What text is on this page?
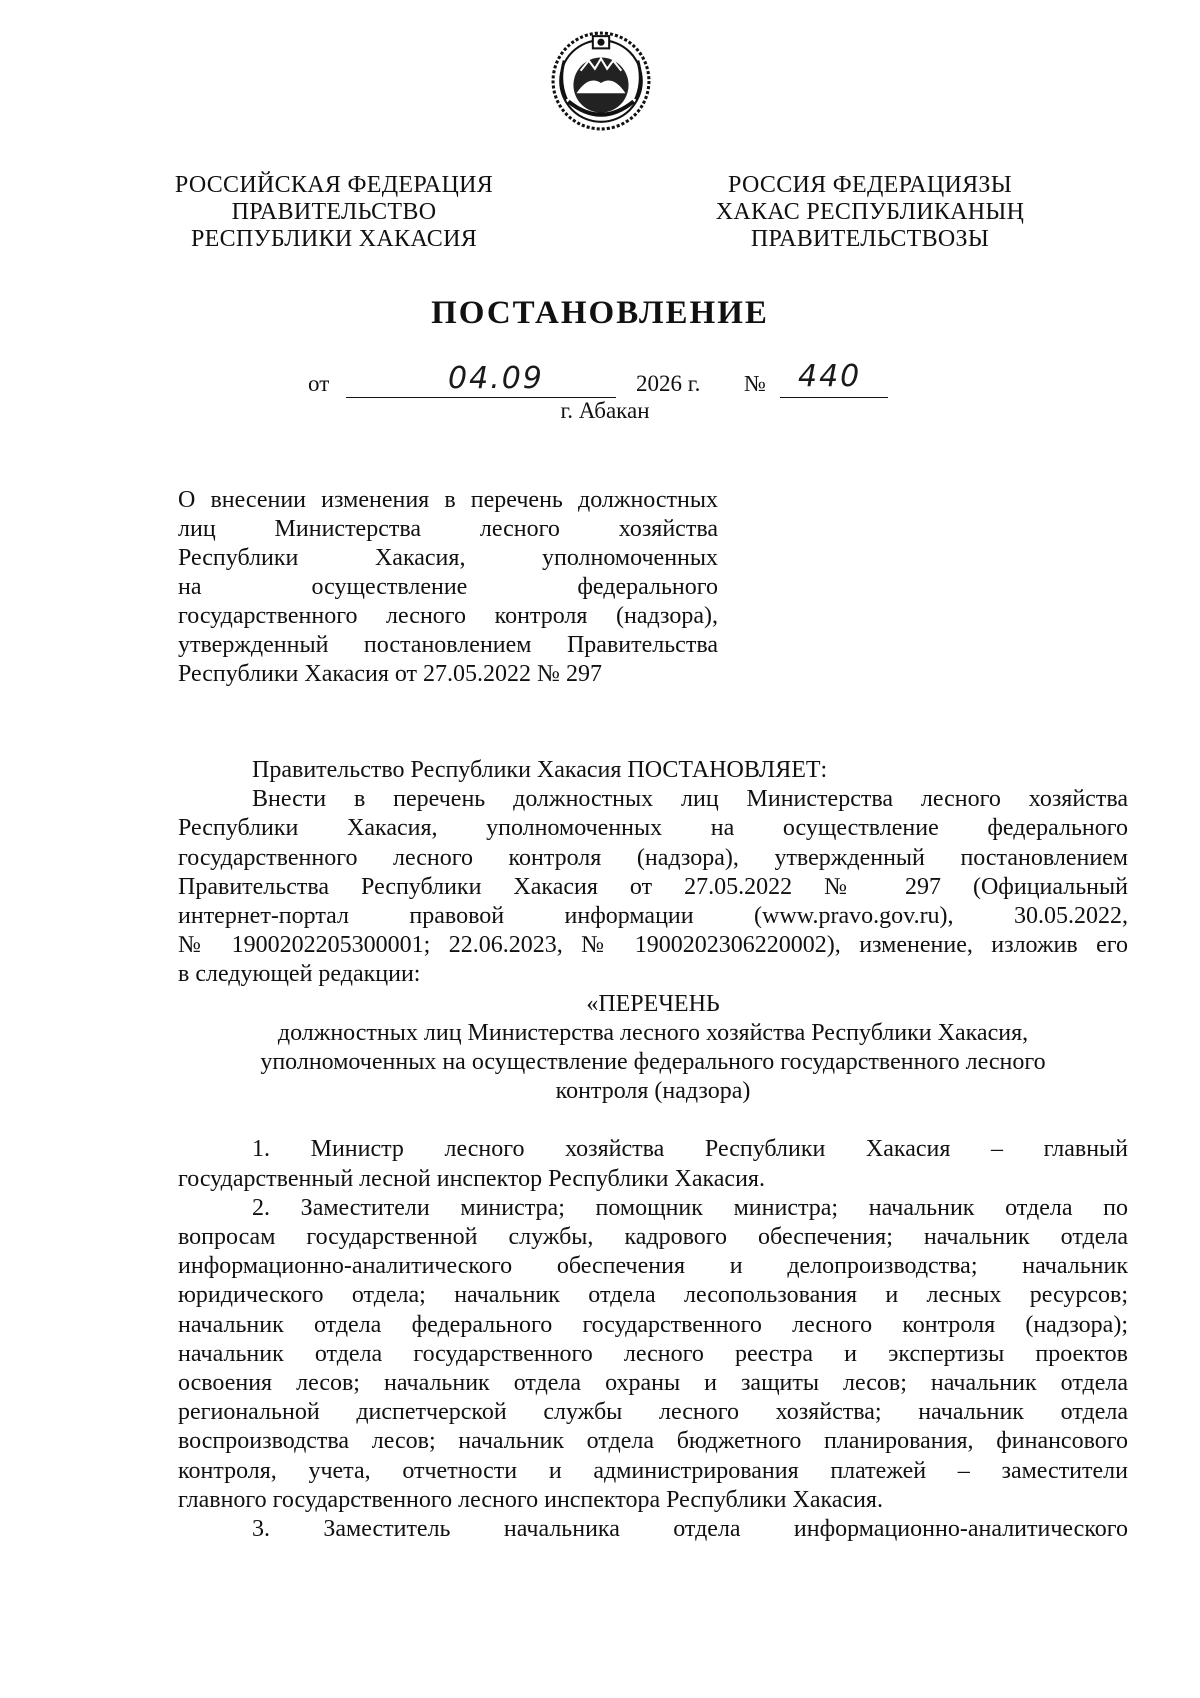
РОССИЙСКАЯ ФЕДЕРАЦИЯ
ПРАВИТЕЛЬСТВО
РЕСПУБЛИКИ ХАКАСИЯ
РОССИЯ ФЕДЕРАЦИЯЗЫ
ХАКАС РЕСПУБЛИКАНЫҢ
ПРАВИТЕЛЬСТВОЗЫ
ПОСТАНОВЛЕНИЕ
от	04.09	2026 г. № 440
г. Абакан
О внесении изменения в перечень должностных
лиц Министерства лесного хозяйства
Республики Хакасия, уполномоченных
на осуществление федерального
государственного лесного контроля (надзора),
утвержденный постановлением Правительства
Республики Хакасия от 27.05.2022 № 297
Правительство Республики Хакасия ПОСТАНОВЛЯЕТ:
Внести в перечень должностных лиц Министерства лесного хозяйства
Республики Хакасия, уполномоченных на осуществление федерального
государственного лесного контроля (надзора), утвержденный постановлением
Правительства Республики Хакасия от 27.05.2022 № 297 (Официальный
интернет-портал правовой информации (www.pravo.gov.ru), 30.05.2022,
№ 1900202205300001; 22.06.2023, № 1900202306220002), изменение, изложив его
в следующей редакции:
«ПЕРЕЧЕНЬ
должностных лиц Министерства лесного хозяйства Республики Хакасия,
уполномоченных на осуществление федерального государственного лесного
контроля (надзора)
1. Министр лесного хозяйства Республики Хакасия – главный
государственный лесной инспектор Республики Хакасия.
2. Заместители министра; помощник министра; начальник отдела по
вопросам государственной службы, кадрового обеспечения; начальник отдела
информационно-аналитического обеспечения и делопроизводства; начальник
юридического отдела; начальник отдела лесопользования и лесных ресурсов;
начальник отдела федерального государственного лесного контроля (надзора);
начальник отдела государственного лесного реестра и экспертизы проектов
освоения лесов; начальник отдела охраны и защиты лесов; начальник отдела
региональной диспетчерской службы лесного хозяйства; начальник отдела
воспроизводства лесов; начальник отдела бюджетного планирования, финансового
контроля, учета, отчетности и администрирования платежей – заместители
главного государственного лесного инспектора Республики Хакасия.
3. Заместитель начальника отдела информационно-аналитического
